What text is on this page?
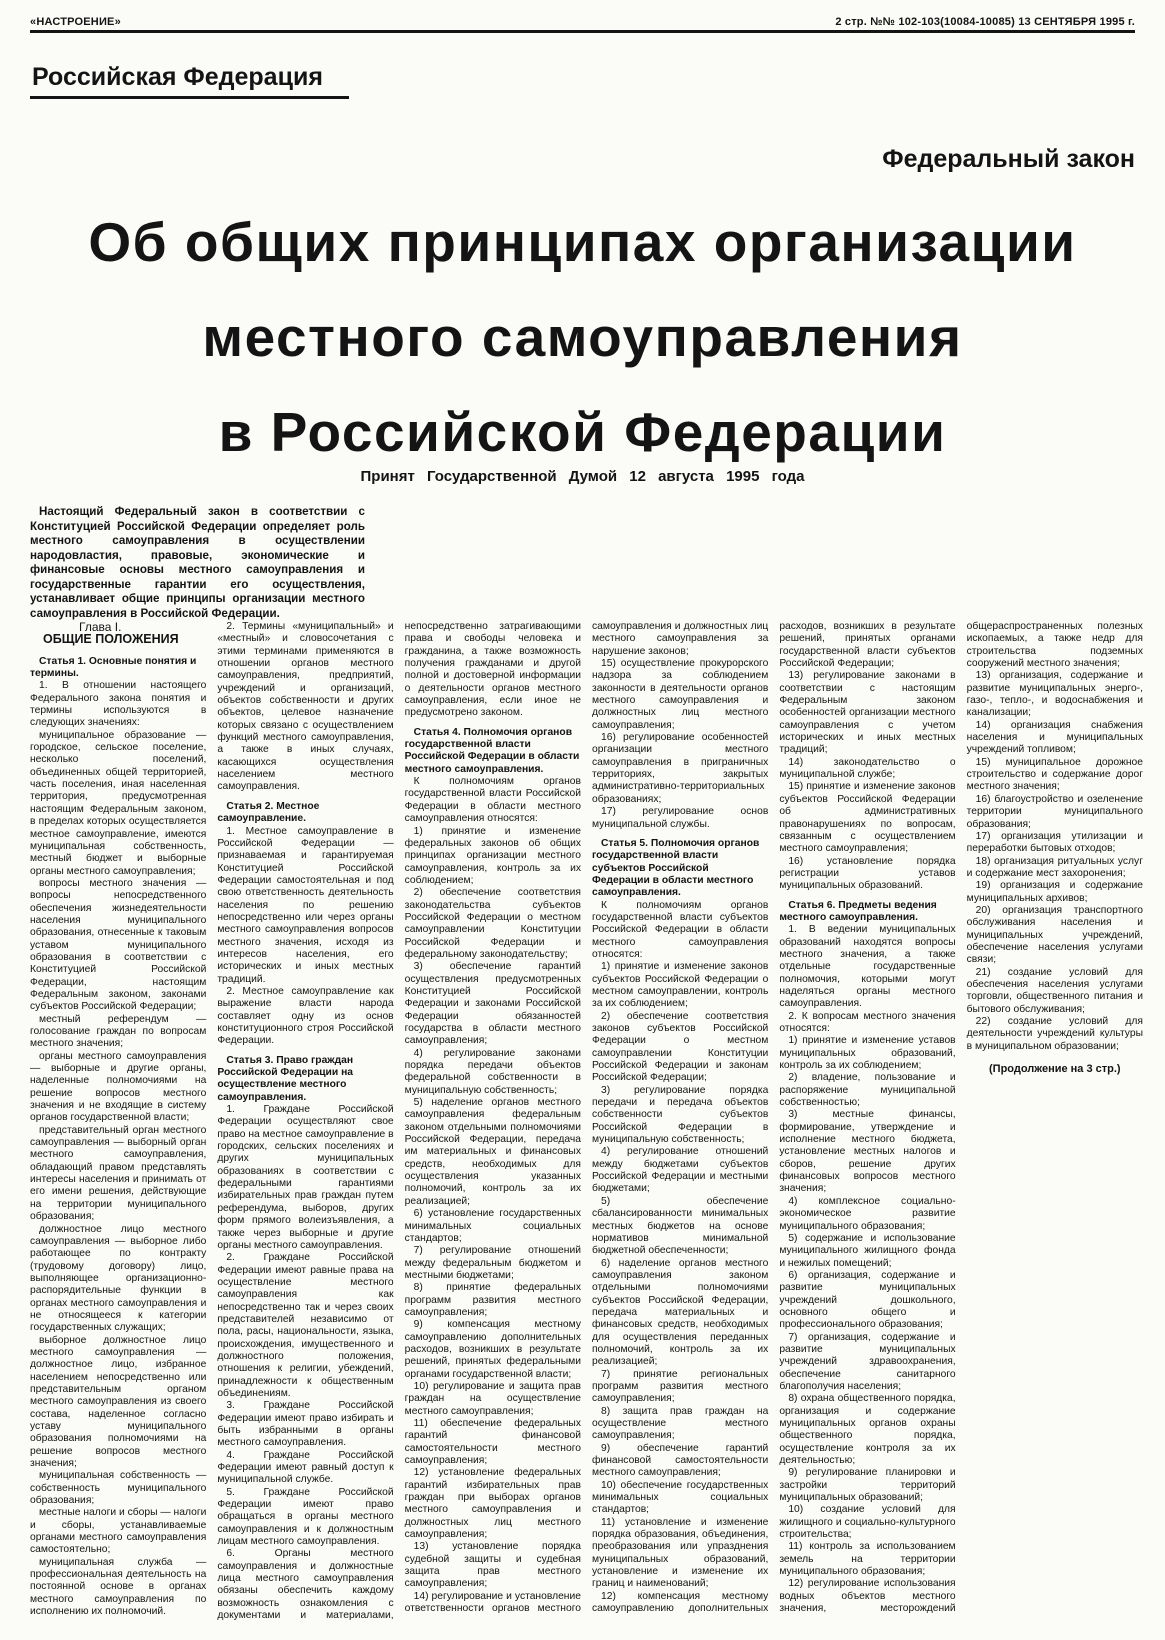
«НАСТРОЕНИЕ»	2 стр. №№ 102-103(10084-10085) 13 СЕНТЯБРЯ 1995 г.
Российская Федерация
Федеральный закон
Об общих принципах организации
местного самоуправления
в Российской Федерации
Принят Государственной Думой 12 августа 1995 года

Настоящий Федеральный закон в соответствии с Конституцией Российской Федерации определяет роль местного самоуправления в осуществлении народовластия, правовые, экономические и финансовые основы местного самоуправления и государственные гарантии его осуществления, устанавливает общие принципы организации местного самоуправления в Российской Федерации.

Глава I.
ОБЩИЕ ПОЛОЖЕНИЯ

Статья 1. Основные понятия и термины.

1. В отношении настоящего Федерального закона понятия и термины используются в следующих значениях:

муниципальное образование — городское, сельское поселение, несколько поселений, объединенных общей территорией, часть поселения, иная населенная территория, предусмотренная настоящим Федеральным законом, в пределах которых осуществляется местное самоуправление, имеются муниципальная собственность, местный бюджет и выборные органы местного самоуправления;

вопросы местного значения — вопросы непосредственного обеспечения жизнедеятельности населения муниципального образования, отнесенные к таковым уставом муниципального образования в соответствии с Конституцией Российской Федерации, настоящим Федеральным законом, законами субъектов Российской Федерации;

местный референдум — голосование граждан по вопросам местного значения;

органы местного самоуправления — выборные и другие органы, наделенные полномочиями на решение вопросов местного значения и не входящие в систему органов государственной власти;

представительный орган местного самоуправления — выборный орган местного самоуправления, обладающий правом представлять интересы населения и принимать от его имени решения, действующие на территории муниципального образования;

должностное лицо местного самоуправления — выборное либо работающее по контракту (трудовому договору) лицо, выполняющее организационно-распорядительные функции в органах местного самоуправления и не относящееся к категории государственных служащих;

выборное должностное лицо местного самоуправления — должностное лицо, избранное населением непосредственно или представительным органом местного самоуправления из своего состава, наделенное согласно уставу муниципального образования полномочиями на решение вопросов местного значения;

муниципальная собственность — собственность муниципального образования;

местные налоги и сборы — налоги и сборы, устанавливаемые органами местного самоуправления самостоятельно;

муниципальная служба — профессиональная деятельность на постоянной основе в органах местного самоуправления по исполнению их полномочий.

2. Термины «муниципальный» и «местный» и словосочетания с этими терминами применяются в отношении органов местного самоуправления, предприятий, учреждений и организаций, объектов собственности и других объектов, целевое назначение которых связано с осуществлением функций местного самоуправления, а также в иных случаях, касающихся осуществления населением местного самоуправления.

Статья 2. Местное самоуправление.

1. Местное самоуправление в Российской Федерации — признаваемая и гарантируемая Конституцией Российской Федерации самостоятельная и под свою ответственность деятельность населения по решению непосредственно или через органы местного самоуправления вопросов местного значения, исходя из интересов населения, его исторических и иных местных традиций.

2. Местное самоуправление как выражение власти народа составляет одну из основ конституционного строя Российской Федерации.

Статья 3. Право граждан Российской Федерации на осуществление местного самоуправления.

1. Граждане Российской Федерации осуществляют свое право на местное самоуправление в городских, сельских поселениях и других муниципальных образованиях в соответствии с федеральными гарантиями избирательных прав граждан путем референдума, выборов, других форм прямого волеизъявления, а также через выборные и другие органы местного самоуправления.

2. Граждане Российской Федерации имеют равные права на осуществление местного самоуправления как непосредственно так и через своих представителей независимо от пола, расы, национальности, языка, происхождения, имущественного и должностного положения, отношения к религии, убеждений, принадлежности к общественным объединениям.

3. Граждане Российской Федерации имеют право избирать и быть избранными в органы местного самоуправления.

4. Граждане Российской Федерации имеют равный доступ к муниципальной службе.

5. Граждане Российской Федерации имеют право обращаться в органы местного самоуправления и к должностным лицам местного самоуправления.

6. Органы местного самоуправления и должностные лица местного самоуправления обязаны обеспечить каждому возможность ознакомления с документами и материалами, непосредственно затрагивающими права и свободы человека и гражданина, а также возможность получения гражданами и другой полной и достоверной информации о деятельности органов местного самоуправления, если иное не предусмотрено законом.

Статья 4. Полномочия органов государственной власти Российской Федерации в области местного самоуправления.

К полномочиям органов государственной власти Российской Федерации в области местного самоуправления относятся:

1) принятие и изменение федеральных законов об общих принципах организации местного самоуправления, контроль за их соблюдением;

2) обеспечение соответствия законодательства субъектов Российской Федерации о местном самоуправлении Конституции Российской Федерации и федеральному законодательству;

3) обеспечение гарантий осуществления предусмотренных Конституцией Российской Федерации и законами Российской Федерации обязанностей государства в области местного самоуправления;

4) регулирование законами порядка передачи объектов федеральной собственности в муниципальную собственность;

5) наделение органов местного самоуправления федеральным законом отдельными полномочиями Российской Федерации, передача им материальных и финансовых средств, необходимых для осуществления указанных полномочий, контроль за их реализацией;

6) установление государственных минимальных социальных стандартов;

7) регулирование отношений между федеральным бюджетом и местными бюджетами;

8) принятие федеральных программ развития местного самоуправления;

9) компенсация местному самоуправлению дополнительных расходов, возникших в результате решений, принятых федеральными органами государственной власти;

10) регулирование и защита прав граждан на осуществление местного самоуправления;

11) обеспечение федеральных гарантий финансовой самостоятельности местного самоуправления;

12) установление федеральных гарантий избирательных прав граждан при выборах органов местного самоуправления и должностных лиц местного самоуправления;

13) установление порядка судебной защиты и судебная защита прав местного самоуправления;

14) регулирование и установление ответственности органов местного самоуправления и должностных лиц местного самоуправления за нарушение законов;

15) осуществление прокурорского надзора за соблюдением законности в деятельности органов местного самоуправления и должностных лиц местного самоуправления;

16) регулирование особенностей организации местного самоуправления в приграничных территориях, закрытых административно-территориальных образованиях;

17) регулирование основ муниципальной службы.

Статья 5. Полномочия органов государственной власти субъектов Российской Федерации в области местного самоуправления.

К полномочиям органов государственной власти субъектов Российской Федерации в области местного самоуправления относятся:

1) принятие и изменение законов субъектов Российской Федерации о местном самоуправлении, контроль за их соблюдением;

2) обеспечение соответствия законов субъектов Российской Федерации о местном самоуправлении Конституции Российской Федерации и законам Российской Федерации;

3) регулирование порядка передачи и передача объектов собственности субъектов Российской Федерации в муниципальную собственность;

4) регулирование отношений между бюджетами субъектов Российской Федерации и местными бюджетами;

5) обеспечение сбалансированности минимальных местных бюджетов на основе нормативов минимальной бюджетной обеспеченности;

6) наделение органов местного самоуправления законом отдельными полномочиями субъектов Российской Федерации, передача материальных и финансовых средств, необходимых для осуществления переданных полномочий, контроль за их реализацией;

7) принятие региональных программ развития местного самоуправления;

8) защита прав граждан на осуществление местного самоуправления;

9) обеспечение гарантий финансовой самостоятельности местного самоуправления;

10) обеспечение государственных минимальных социальных стандартов;

11) установление и изменение порядка образования, объединения, преобразования или упразднения муниципальных образований, установление и изменение их границ и наименований;

12) компенсация местному самоуправлению дополнительных расходов, возникших в результате решений, принятых органами государственной власти субъектов Российской Федерации;

13) регулирование законами в соответствии с настоящим Федеральным законом особенностей организации местного самоуправления с учетом исторических и иных местных традиций;

14) законодательство о муниципальной службе;

15) принятие и изменение законов субъектов Российской Федерации об административных правонарушениях по вопросам, связанным с осуществлением местного самоуправления;

16) установление порядка регистрации уставов муниципальных образований.

Статья 6. Предметы ведения местного самоуправления.

1. В ведении муниципальных образований находятся вопросы местного значения, а также отдельные государственные полномочия, которыми могут наделяться органы местного самоуправления.

2. К вопросам местного значения относятся:

1) принятие и изменение уставов муниципальных образований, контроль за их соблюдением;

2) владение, пользование и распоряжение муниципальной собственностью;

3) местные финансы, формирование, утверждение и исполнение местного бюджета, установление местных налогов и сборов, решение других финансовых вопросов местного значения;

4) комплексное социально-экономическое развитие муниципального образования;

5) содержание и использование муниципального жилищного фонда и нежилых помещений;

6) организация, содержание и развитие муниципальных учреждений дошкольного, основного общего и профессионального образования;

7) организация, содержание и развитие муниципальных учреждений здравоохранения, обеспечение санитарного благополучия населения;

8) охрана общественного порядка, организация и содержание муниципальных органов охраны общественного порядка, осуществление контроля за их деятельностью;

9) регулирование планировки и застройки территорий муниципальных образований;

10) создание условий для жилищного и социально-культурного строительства;

11) контроль за использованием земель на территории муниципального образования;

12) регулирование использования водных объектов местного значения, месторождений общераспространенных полезных ископаемых, а также недр для строительства подземных сооружений местного значения;

13) организация, содержание и развитие муниципальных энерго-, газо-, тепло-, и водоснабжения и канализации;

14) организация снабжения населения и муниципальных учреждений топливом;

15) муниципальное дорожное строительство и содержание дорог местного значения;

16) благоустройство и озеленение территории муниципального образования;

17) организация утилизации и переработки бытовых отходов;

18) организация ритуальных услуг и содержание мест захоронения;

19) организация и содержание муниципальных архивов;

20) организация транспортного обслуживания населения и муниципальных учреждений, обеспечение населения услугами связи;

21) создание условий для обеспечения населения услугами торговли, общественного питания и бытового обслуживания;

22) создание условий для деятельности учреждений культуры в муниципальном образовании;

(Продолжение на 3 стр.)
